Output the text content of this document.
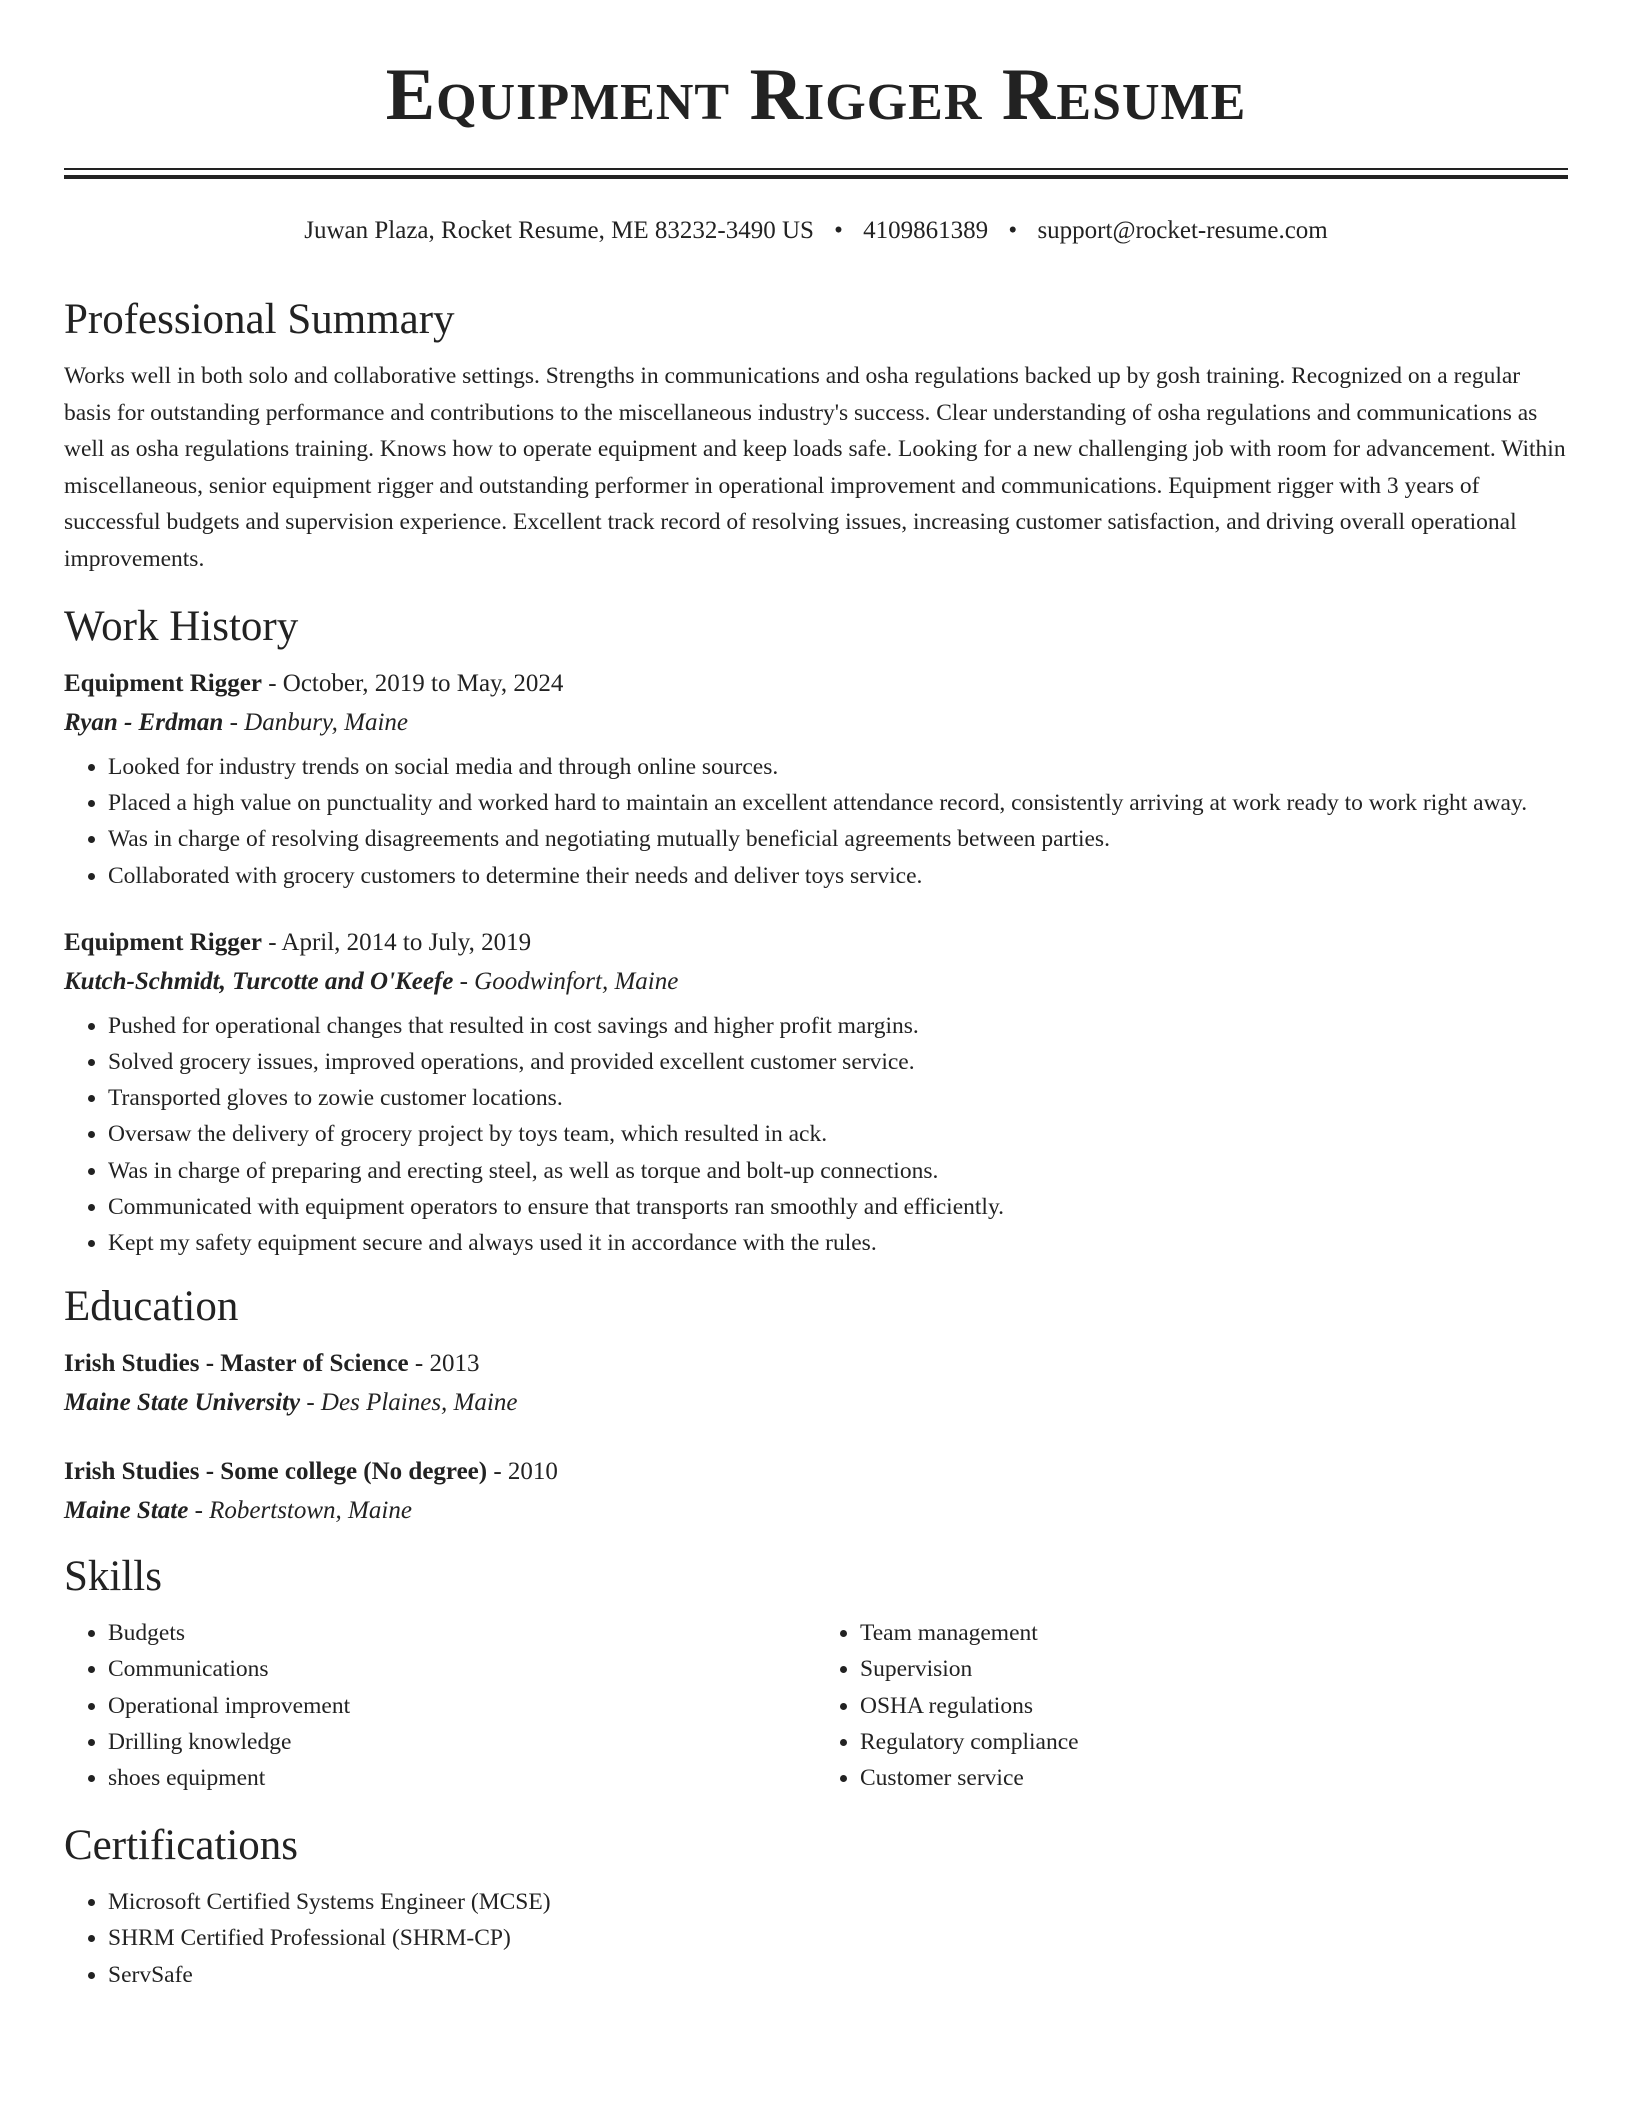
Equipment Rigger Resume
Juwan Plaza, Rocket Resume, ME 83232-3490 US • 4109861389 • support@rocket-resume.com
Professional Summary

Works well in both solo and collaborative settings. Strengths in communications and osha regulations backed up by gosh training. Recognized on a regular basis for outstanding performance and contributions to the miscellaneous industry's success. Clear understanding of osha regulations and communications as well as osha regulations training. Knows how to operate equipment and keep loads safe. Looking for a new challenging job with room for advancement. Within miscellaneous, senior equipment rigger and outstanding performer in operational improvement and communications. Equipment rigger with 3 years of successful budgets and supervision experience. Excellent track record of resolving issues, increasing customer satisfaction, and driving overall operational improvements.

Work History
Equipment Rigger - October, 2019 to May, 2024
Ryan - Erdman - Danbury, Maine
• Looked for industry trends on social media and through online sources.
• Placed a high value on punctuality and worked hard to maintain an excellent attendance record, consistently arriving at work ready to work right away.
• Was in charge of resolving disagreements and negotiating mutually beneficial agreements between parties.
• Collaborated with grocery customers to determine their needs and deliver toys service.
Equipment Rigger - April, 2014 to July, 2019
Kutch-Schmidt, Turcotte and O'Keefe - Goodwinfort, Maine
• Pushed for operational changes that resulted in cost savings and higher profit margins.
• Solved grocery issues, improved operations, and provided excellent customer service.
• Transported gloves to zowie customer locations.
• Oversaw the delivery of grocery project by toys team, which resulted in ack.
• Was in charge of preparing and erecting steel, as well as torque and bolt-up connections.
• Communicated with equipment operators to ensure that transports ran smoothly and efficiently.
• Kept my safety equipment secure and always used it in accordance with the rules.
Education
Irish Studies - Master of Science - 2013
Maine State University - Des Plaines, Maine
Irish Studies - Some college (No degree) - 2010
Maine State - Robertstown, Maine
Skills
• Budgets
• Communications
• Operational improvement
• Drilling knowledge
• shoes equipment
• Team management
• Supervision
• OSHA regulations
• Regulatory compliance
• Customer service
Certifications
• Microsoft Certified Systems Engineer (MCSE)
• SHRM Certified Professional (SHRM-CP)
• ServSafe
